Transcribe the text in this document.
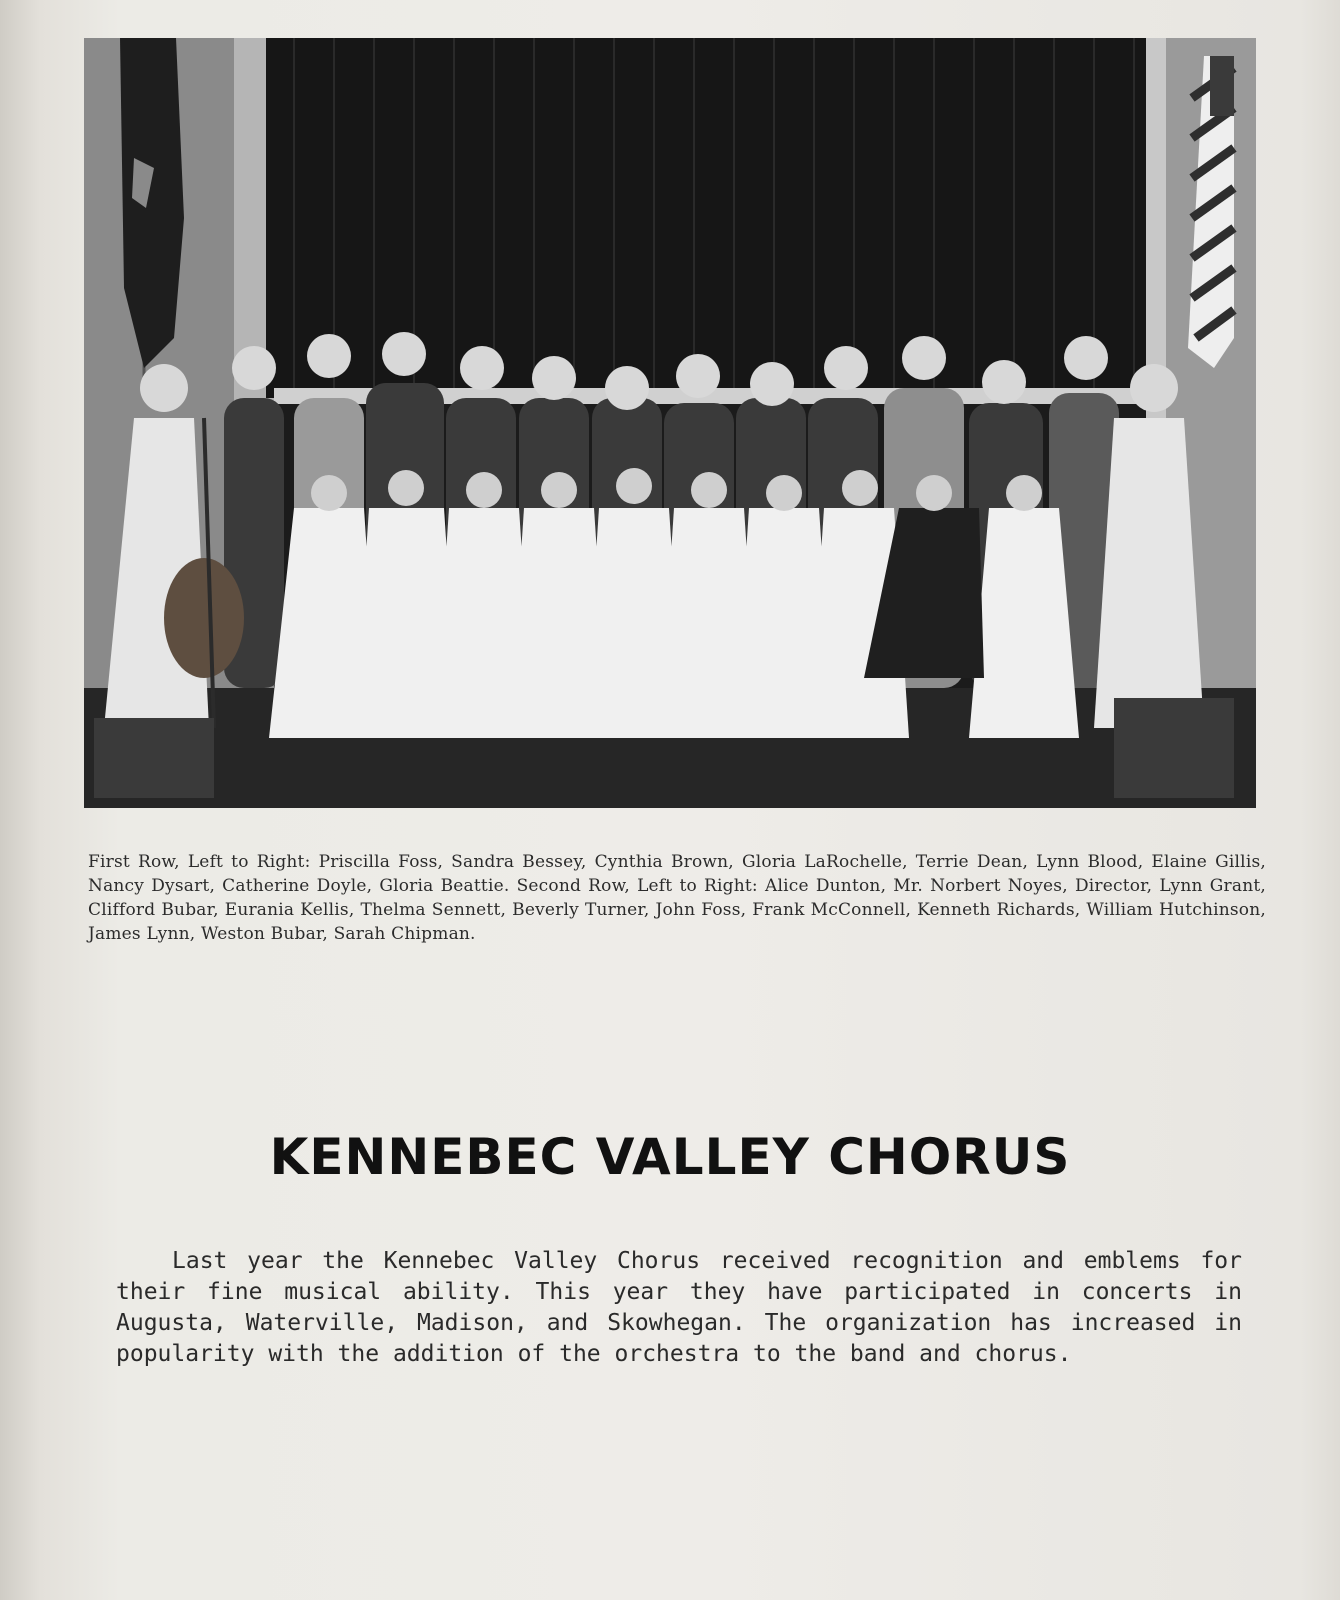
First Row, Left to Right: Priscilla Foss, Sandra Bessey, Cynthia Brown, Gloria LaRochelle, Terrie Dean, Lynn Blood, Elaine Gillis, Nancy Dysart, Catherine Doyle, Gloria Beattie. Second Row, Left to Right: Alice Dunton, Mr. Norbert Noyes, Director, Lynn Grant, Clifford Bubar, Eurania Kellis, Thelma Sennett, Beverly Turner, John Foss, Frank McConnell, Kenneth Richards, William Hutchinson, James Lynn, Weston Bubar, Sarah Chipman.
KENNEBEC VALLEY CHORUS
Last year the Kennebec Valley Chorus received recognition and emblems for their fine musical ability. This year they have participated in concerts in Augusta, Waterville, Madison, and Skowhegan. The organization has increased in popularity with the addition of the orchestra to the band and chorus.
